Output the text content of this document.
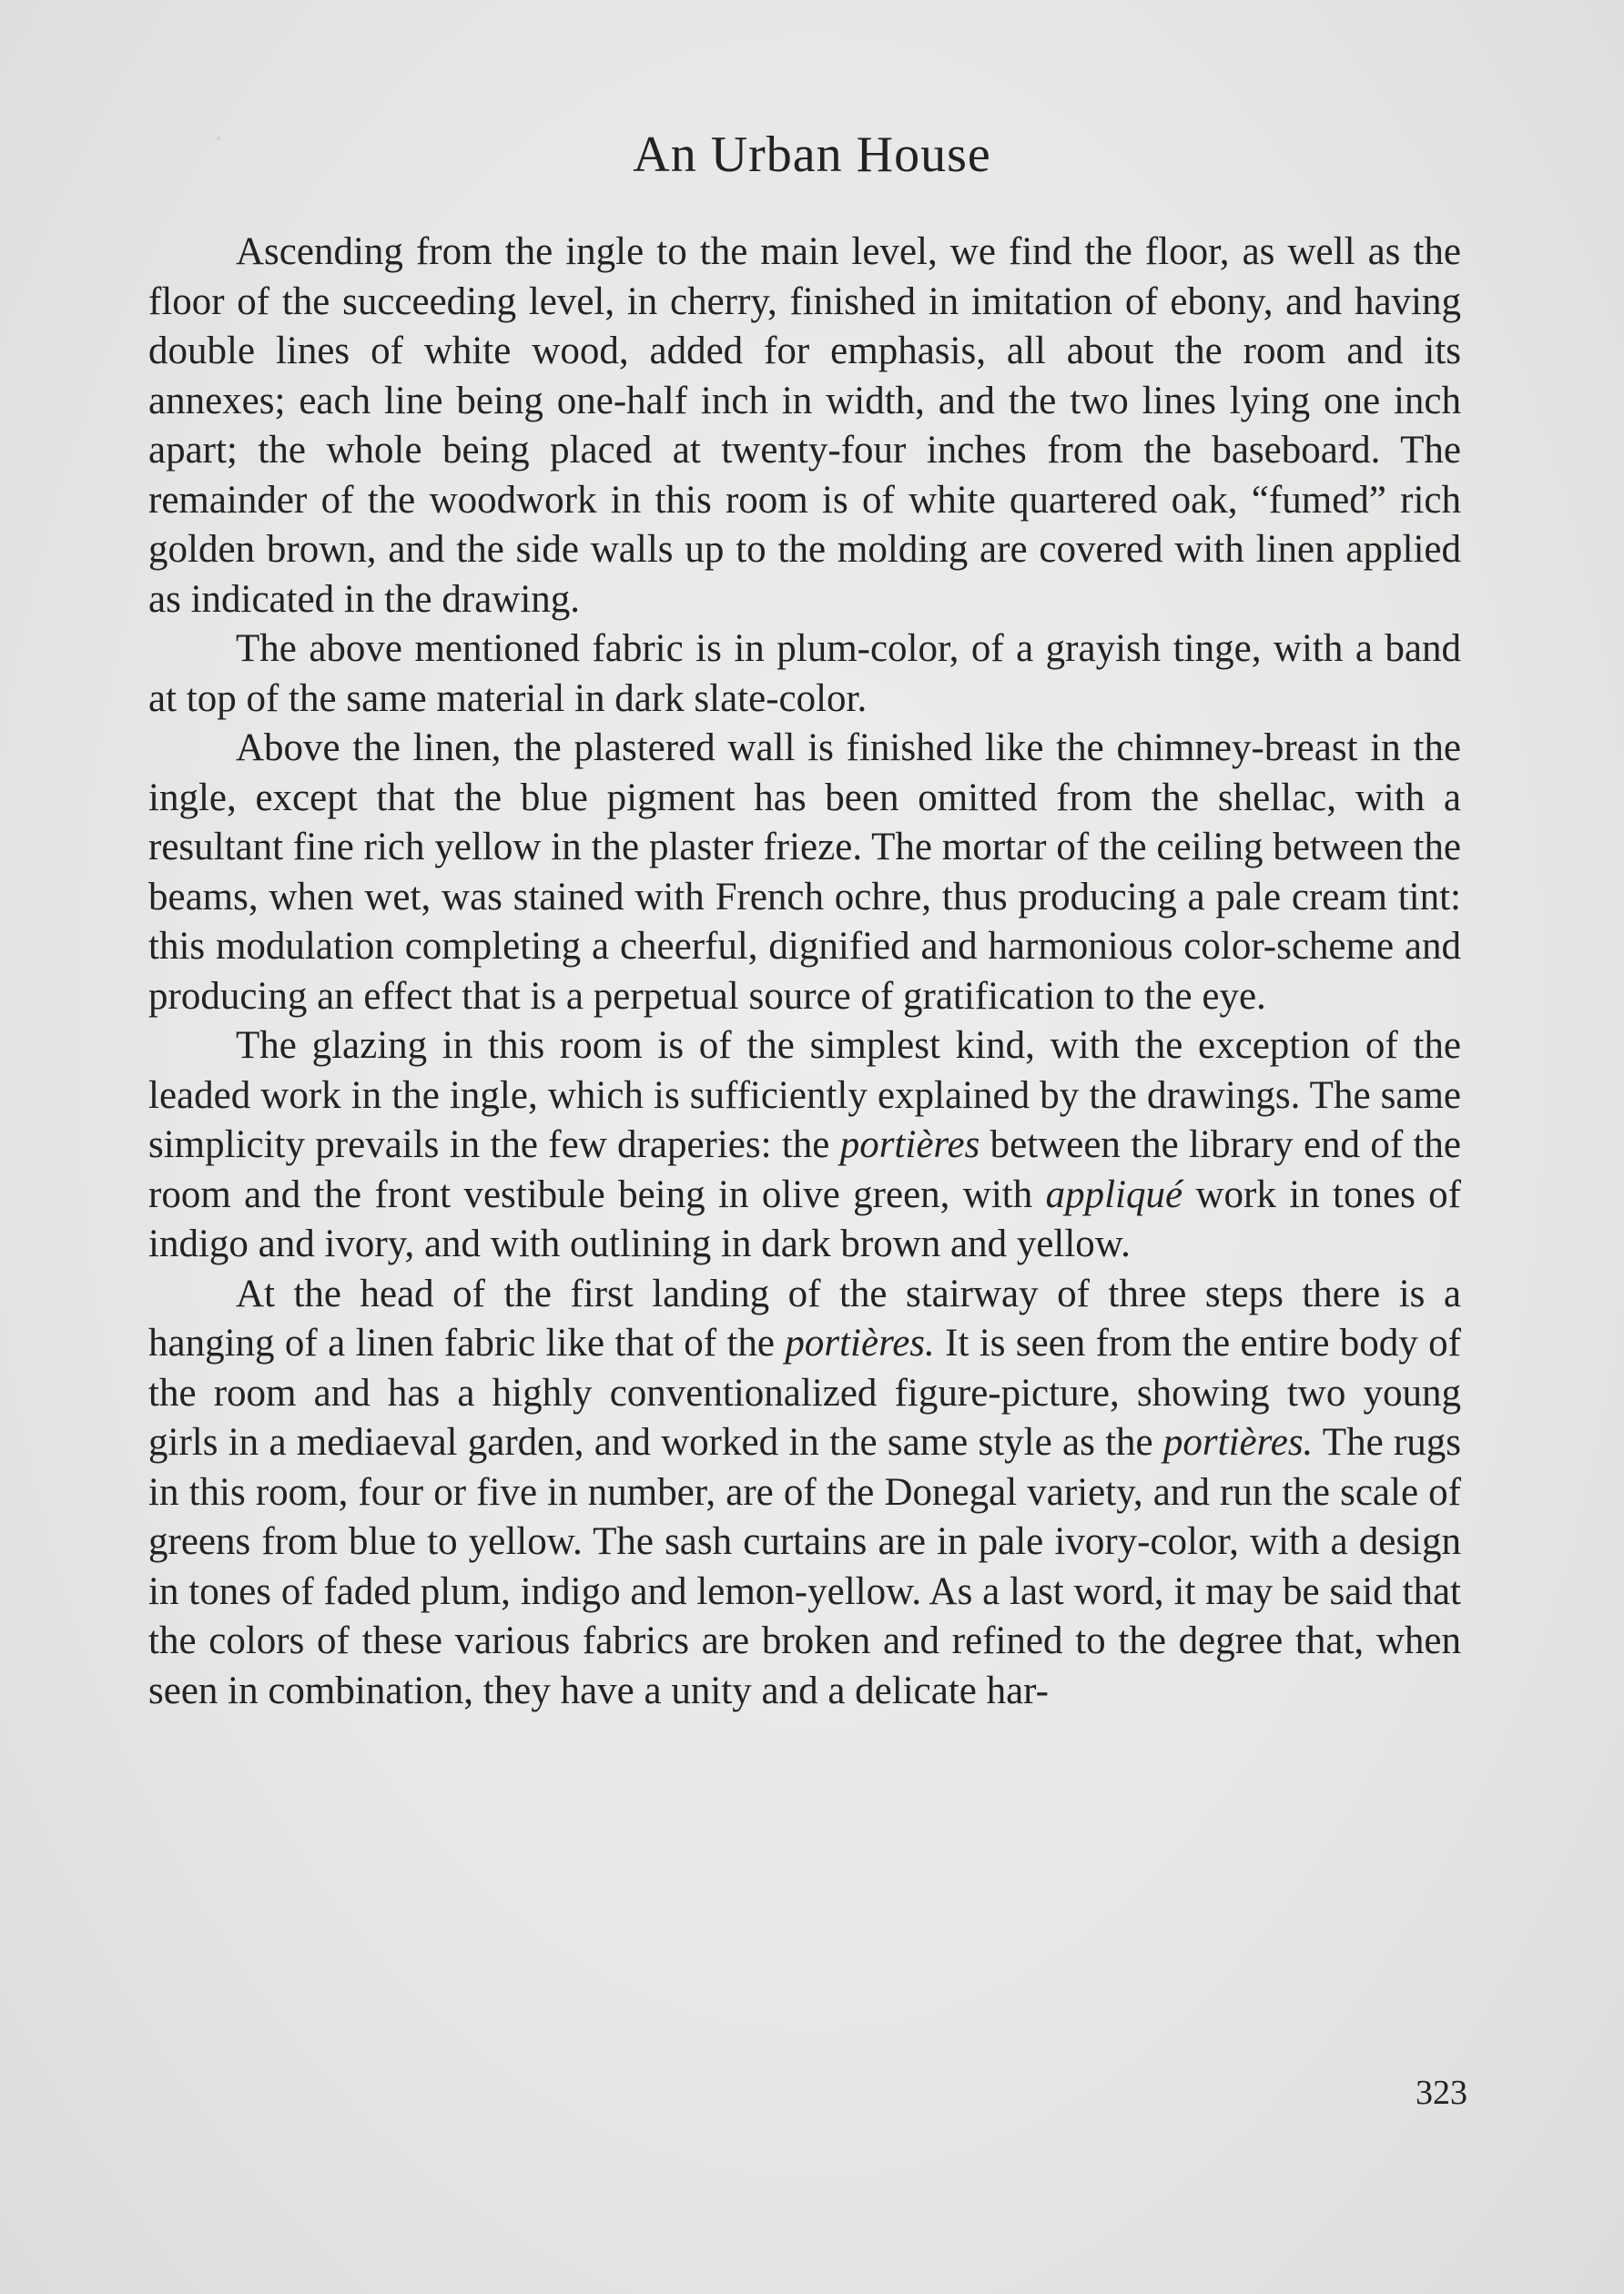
An Urban House

Ascending from the ingle to the main level, we find the floor, as well as the floor of the succeeding level, in cherry, finished in imitation of ebony, and having double lines of white wood, added for emphasis, all about the room and its annexes; each line being one-half inch in width, and the two lines lying one inch apart; the whole being placed at twenty-four inches from the baseboard. The remainder of the woodwork in this room is of white quartered oak, “fumed” rich golden brown, and the side walls up to the molding are covered with linen applied as indicated in the drawing.

The above mentioned fabric is in plum-color, of a grayish tinge, with a band at top of the same material in dark slate-color.

Above the linen, the plastered wall is finished like the chimney-breast in the ingle, except that the blue pigment has been omitted from the shellac, with a resultant fine rich yellow in the plaster frieze. The mortar of the ceiling between the beams, when wet, was stained with French ochre, thus producing a pale cream tint: this modulation completing a cheerful, dignified and harmonious color-scheme and producing an effect that is a perpetual source of gratification to the eye.

The glazing in this room is of the simplest kind, with the exception of the leaded work in the ingle, which is sufficiently explained by the drawings. The same simplicity prevails in the few draperies: the portières between the library end of the room and the front vestibule being in olive green, with appliqué work in tones of indigo and ivory, and with outlining in dark brown and yellow.

At the head of the first landing of the stairway of three steps there is a hanging of a linen fabric like that of the portières. It is seen from the entire body of the room and has a highly conventionalized figure-picture, showing two young girls in a mediaeval garden, and worked in the same style as the portières. The rugs in this room, four or five in number, are of the Donegal variety, and run the scale of greens from blue to yellow. The sash curtains are in pale ivory-color, with a design in tones of faded plum, indigo and lemon-yellow. As a last word, it may be said that the colors of these various fabrics are broken and refined to the degree that, when seen in combination, they have a unity and a delicate har-

323
